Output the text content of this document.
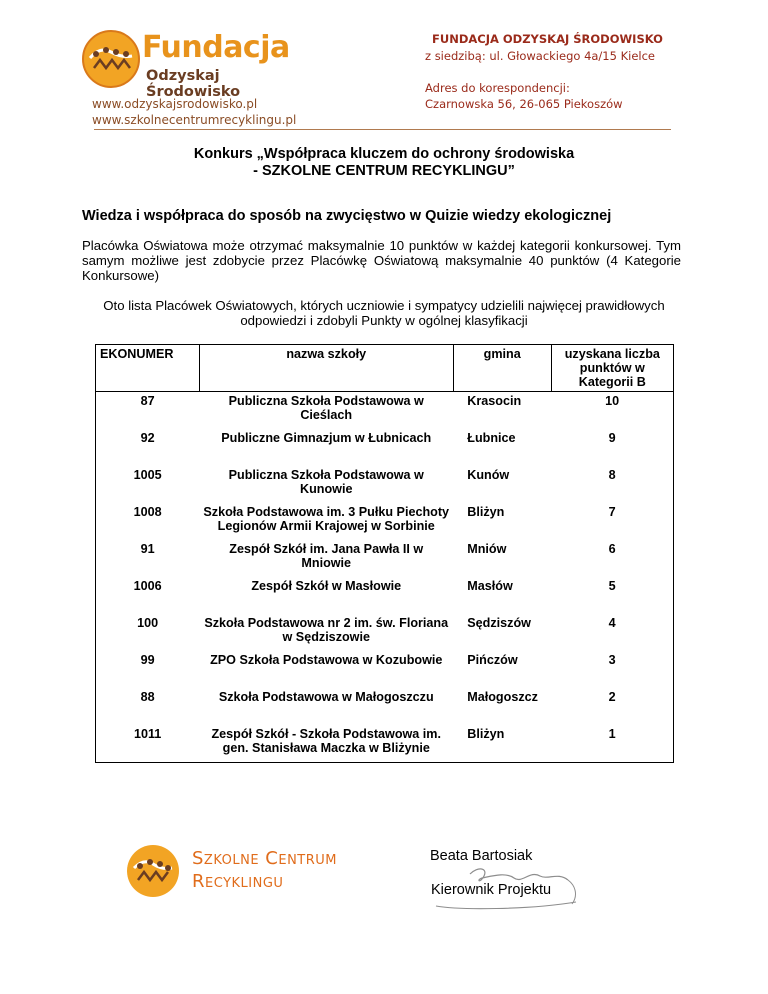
Fundacja
Odzyskaj Środowisko
www.odzyskajsrodowisko.pl
www.szkolnecentrumrecyklingu.pl
FUNDACJA ODZYSKAJ ŚRODOWISKO
z siedzibą: ul. Głowackiego 4a/15 Kielce
Adres do korespondencji:
Czarnowska 56, 26-065 Piekoszów
Konkurs „Współpraca kluczem do ochrony środowiska
- SZKOLNE CENTRUM RECYKLINGU”
Wiedza i współpraca do sposób na zwycięstwo w Quizie wiedzy ekologicznej
Placówka Oświatowa może otrzymać maksymalnie 10 punktów w każdej kategorii konkursowej. Tym samym możliwe jest zdobycie przez Placówkę Oświatową maksymalnie 40 punktów (4 Kategorie Konkursowe)
Oto lista Placówek Oświatowych, których uczniowie i sympatycy udzielili najwięcej prawidłowych odpowiedzi i zdobyli Punkty w ogólnej klasyfikacji
EKONUMER	nazwa szkoły	gmina	uzyskana liczba punktów w Kategorii B
87	Publiczna Szkoła Podstawowa w Cieślach	Krasocin	10
92	Publiczne Gimnazjum w Łubnicach	Łubnice	9
1005	Publiczna Szkoła Podstawowa w Kunowie	Kunów	8
1008	Szkoła Podstawowa im. 3 Pułku Piechoty Legionów Armii Krajowej w Sorbinie	Bliżyn	7
91	Zespół Szkół im. Jana Pawła II w Mniowie	Mniów	6
1006	Zespół Szkół w Masłowie	Masłów	5
100	Szkoła Podstawowa nr 2 im. św. Floriana w Sędziszowie	Sędziszów	4
99	ZPO Szkoła Podstawowa w Kozubowie	Pińczów	3
88	Szkoła Podstawowa w Małogoszczu	Małogoszcz	2
1011	Zespół Szkół - Szkoła Podstawowa im. gen. Stanisława Maczka w Bliżynie	Bliżyn	1
Szkolne Centrum
Recyklingu
Beata Bartosiak
Kierownik Projektu
